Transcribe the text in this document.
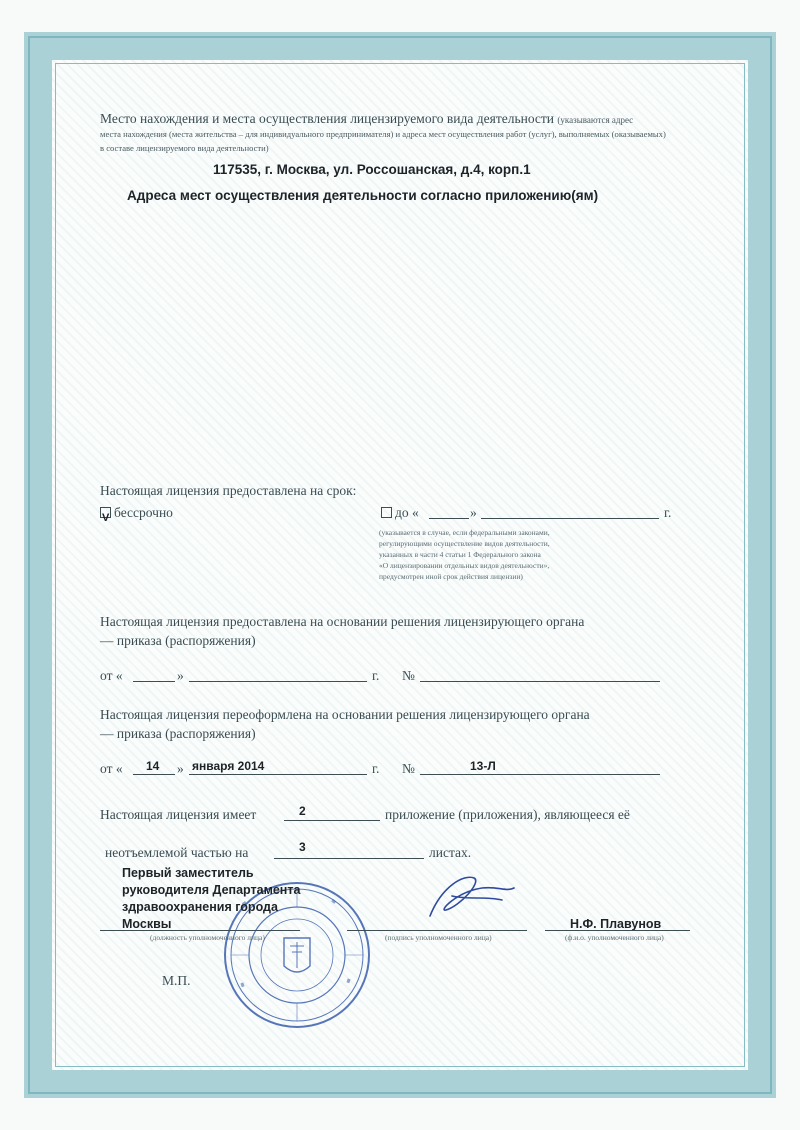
Место нахождения и места осуществления лицензируемого вида деятельности (указываются адрес
места нахождения (места жительства – для индивидуального предпринимателя) и адреса мест осуществления работ (услуг), выполняемых (оказываемых)
в составе лицензируемого вида деятельности)
117535, г. Москва, ул. Россошанская, д.4, корп.1
Адреса мест осуществления деятельности согласно приложению(ям)
Настоящая лицензия предоставлена на срок:
бессрочно
V	до «	»	г.
(указывается в случае, если федеральными законами,
регулирующими осуществление видов деятельности,
указанных в части 4 статьи 1 Федерального закона
«О лицензировании отдельных видов деятельности»,
предусмотрен иной срок действия лицензии)
Настоящая лицензия предоставлена на основании решения лицензирующего органа
— приказа (распоряжения)
от «	»	г. №
Настоящая лицензия переоформлена на основании решения лицензирующего органа
— приказа (распоряжения)
от « 14 » января 2014	г. №	13-Л
Настоящая лицензия имеет	2	приложение (приложения), являющееся её
неотъемлемой частью на	3	листах.
Первый заместитель
руководителя Департамента
здравоохранения города
Москвы
(должность уполномоченного лица)	(подпись уполномоченного лица)
Н.Ф. Плавунов
(ф.и.о. уполномоченного лица)
М.П.
